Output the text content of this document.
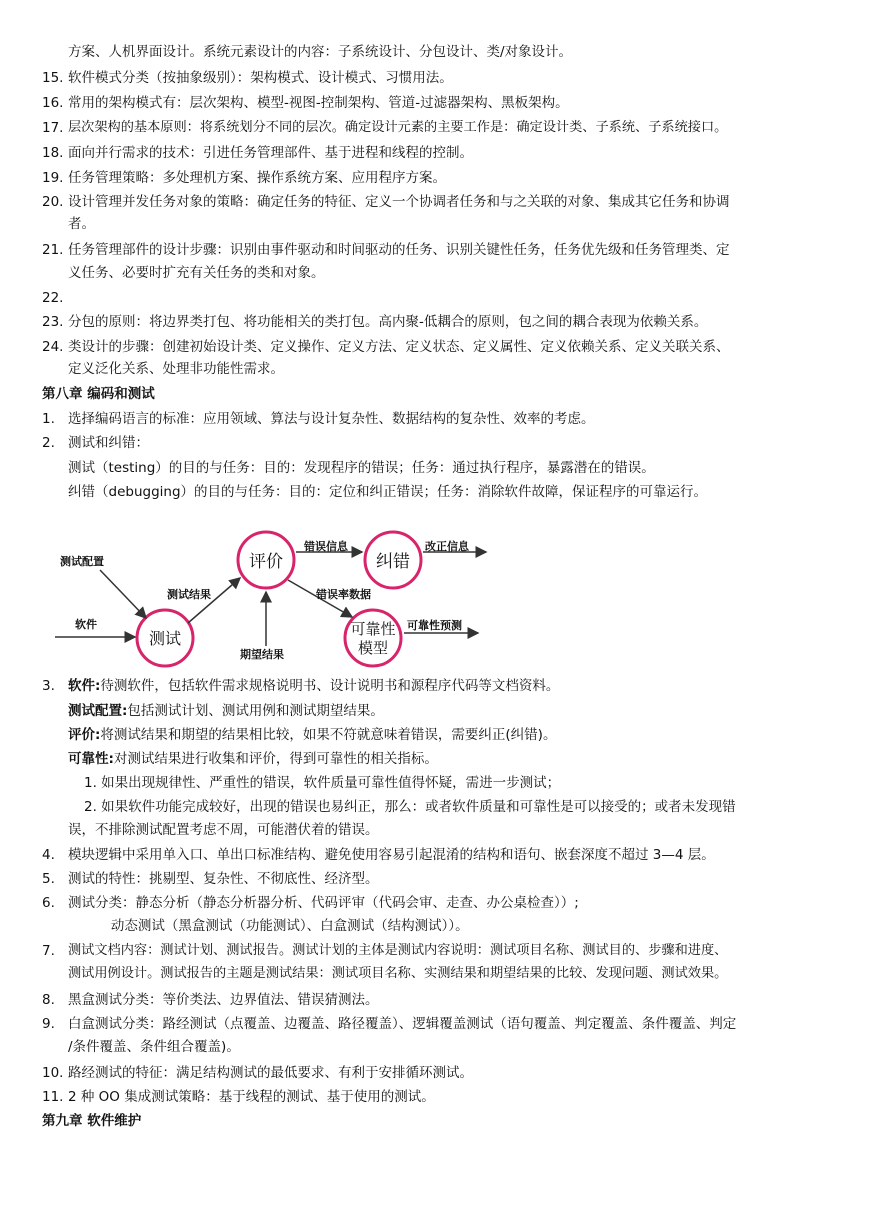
方案、人机界面设计。系统元素设计的内容：子系统设计、分包设计、类/对象设计。
15. 软件模式分类（按抽象级别）：架构模式、设计模式、习惯用法。
16. 常用的架构模式有：层次架构、模型-视图-控制架构、管道-过滤器架构、黑板架构。
17. 层次架构的基本原则：将系统划分不同的层次。确定设计元素的主要工作是：确定设计类、子系统、子系统接口。
18. 面向并行需求的技术：引进任务管理部件、基于进程和线程的控制。
19. 任务管理策略：多处理机方案、操作系统方案、应用程序方案。
20. 设计管理并发任务对象的策略：确定任务的特征、定义一个协调者任务和与之关联的对象、集成其它任务和协调
者。
21. 任务管理部件的设计步骤：识别由事件驱动和时间驱动的任务、识别关键性任务，任务优先级和任务管理类、定
义任务、必要时扩充有关任务的类和对象。
22.
23. 分包的原则：将边界类打包、将功能相关的类打包。高内聚-低耦合的原则，包之间的耦合表现为依赖关系。
24. 类设计的步骤：创建初始设计类、定义操作、定义方法、定义状态、定义属性、定义依赖关系、定义关联关系、
定义泛化关系、处理非功能性需求。
第八章 编码和测试
1. 选择编码语言的标准：应用领域、算法与设计复杂性、数据结构的复杂性、效率的考虑。
2. 测试和纠错：
测试（testing）的目的与任务：目的：发现程序的错误；任务：通过执行程序，暴露潜在的错误。
纠错（debugging）的目的与任务：目的：定位和纠正错误；任务：消除软件故障，保证程序的可靠运行。
评价	纠错
测试	可靠性
模型
测试配置
软件
测试结果
期望结果
错误信息	改正信息
错误率数据
可靠性预测
3. 软件:待测软件，包括软件需求规格说明书、设计说明书和源程序代码等文档资料。
测试配置:包括测试计划、测试用例和测试期望结果。
评价:将测试结果和期望的结果相比较，如果不符就意味着错误，需要纠正(纠错)。
可靠性:对测试结果进行收集和评价，得到可靠性的相关指标。
1. 如果出现规律性、严重性的错误，软件质量可靠性值得怀疑，需进一步测试；
2. 如果软件功能完成较好，出现的错误也易纠正，那么：或者软件质量和可靠性是可以接受的；或者未发现错
误，不排除测试配置考虑不周，可能潜伏着的错误。
4. 模块逻辑中采用单入口、单出口标准结构、避免使用容易引起混淆的结构和语句、嵌套深度不超过 3—4 层。
5. 测试的特性：挑剔型、复杂性、不彻底性、经济型。
6. 测试分类：静态分析（静态分析器分析、代码评审（代码会审、走查、办公桌检查））;
动态测试（黑盒测试（功能测试）、白盒测试（结构测试））。
7. 测试文档内容：测试计划、测试报告。测试计划的主体是测试内容说明：测试项目名称、测试目的、步骤和进度、
测试用例设计。测试报告的主题是测试结果：测试项目名称、实测结果和期望结果的比较、发现问题、测试效果。
8. 黑盒测试分类：等价类法、边界值法、错误猜测法。
9. 白盒测试分类：路经测试（点覆盖、边覆盖、路径覆盖）、逻辑覆盖测试（语句覆盖、判定覆盖、条件覆盖、判定
/条件覆盖、条件组合覆盖)。
10. 路经测试的特征：满足结构测试的最低要求、有利于安排循环测试。
11. 2 种 OO 集成测试策略：基于线程的测试、基于使用的测试。
第九章 软件维护
